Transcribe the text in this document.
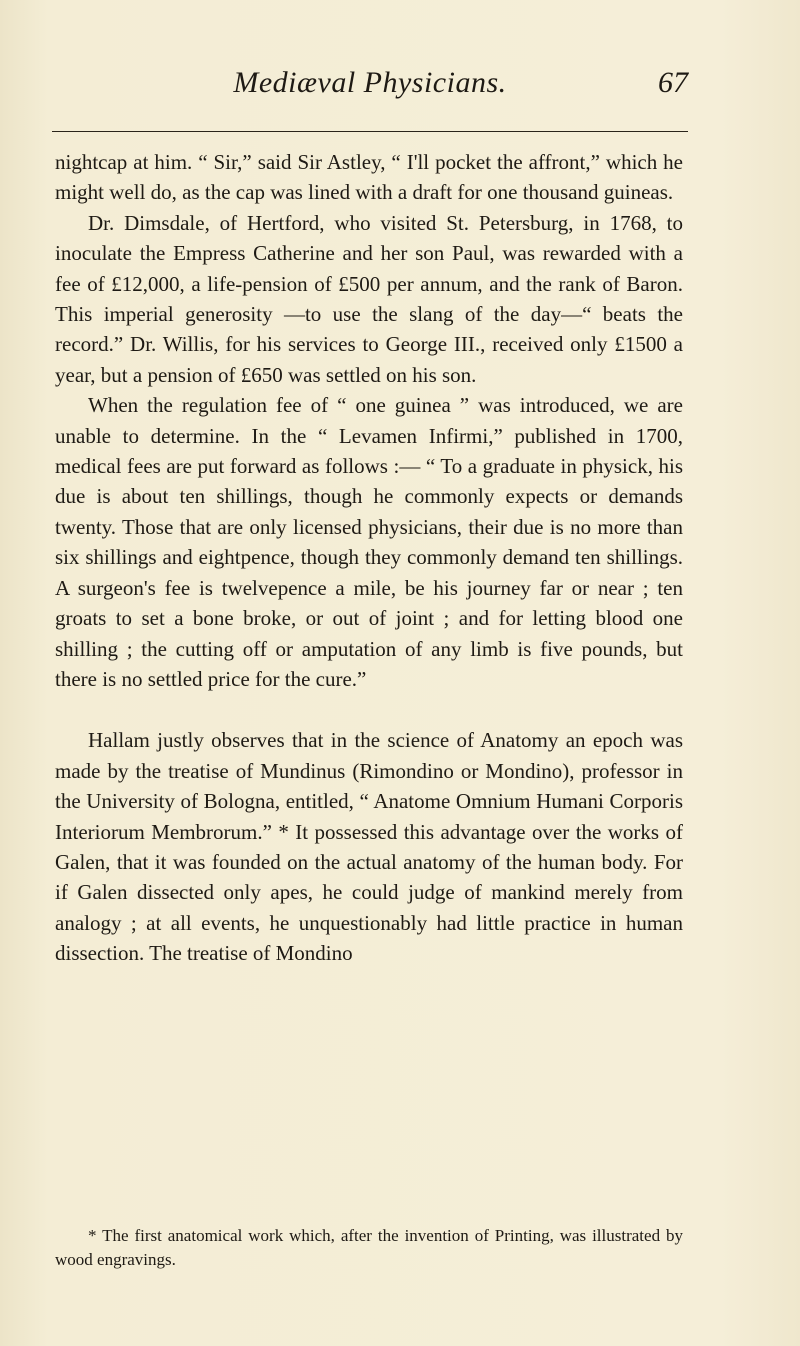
Mediæval Physicians.	67

nightcap at him. “ Sir,” said Sir Astley, “ I'll pocket the affront,” which he might well do, as the cap was lined with a draft for one thousand guineas.

Dr. Dimsdale, of Hertford, who visited St. Petersburg, in 1768, to inoculate the Empress Catherine and her son Paul, was rewarded with a fee of £12,000, a life-pension of £500 per annum, and the rank of Baron. This imperial generosity —to use the slang of the day—“ beats the record.” Dr. Willis, for his services to George III., received only £1500 a year, but a pension of £650 was settled on his son.

When the regulation fee of “ one guinea ” was introduced, we are unable to determine. In the “ Levamen Infirmi,” published in 1700, medical fees are put forward as follows :— “ To a graduate in physick, his due is about ten shillings, though he commonly expects or demands twenty. Those that are only licensed physicians, their due is no more than six shillings and eightpence, though they commonly demand ten shillings. A surgeon's fee is twelvepence a mile, be his journey far or near ; ten groats to set a bone broke, or out of joint ; and for letting blood one shilling ; the cutting off or amputation of any limb is five pounds, but there is no settled price for the cure.”

Hallam justly observes that in the science of Anatomy an epoch was made by the treatise of Mundinus (Rimondino or Mondino), professor in the University of Bologna, entitled, “ Anatome Omnium Humani Corporis Interiorum Membrorum.” * It possessed this advantage over the works of Galen, that it was founded on the actual anatomy of the human body. For if Galen dissected only apes, he could judge of mankind merely from analogy ; at all events, he unquestionably had little practice in human dissection. The treatise of Mondino

* The first anatomical work which, after the invention of Printing, was illustrated by wood engravings.
